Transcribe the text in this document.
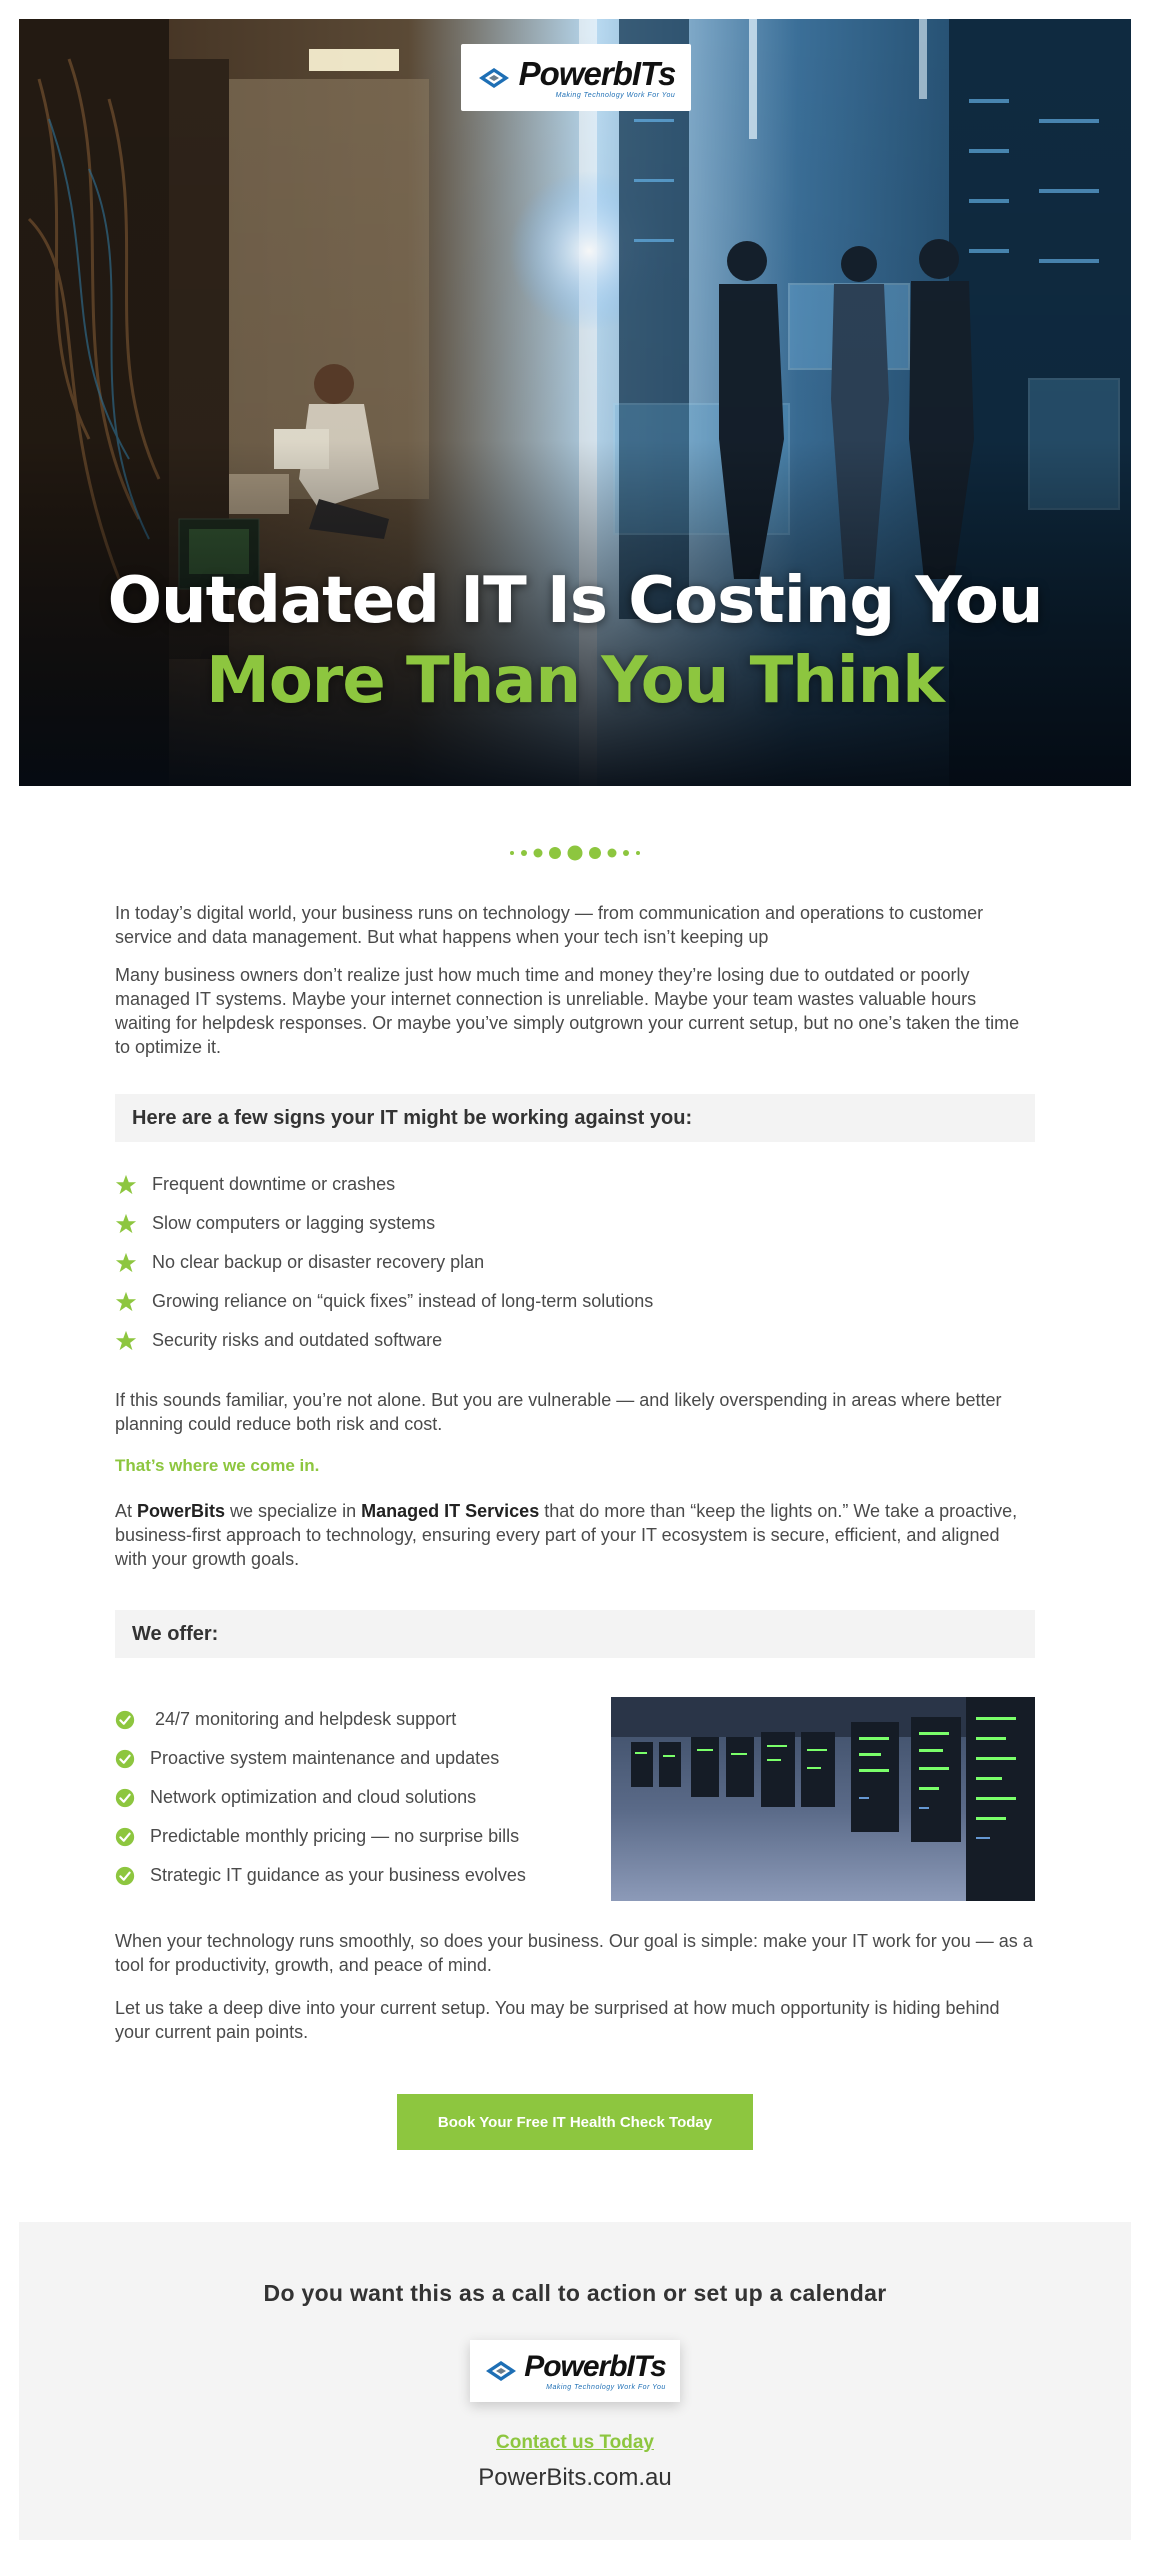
PowerbITs
Making Technology Work For You
Outdated IT Is Costing You
More Than You Think

In today’s digital world, your business runs on technology — from communication and operations to customer service and data management. But what happens when your tech isn’t keeping up

Many business owners don’t realize just how much time and money they’re losing due to outdated or poorly managed IT systems. Maybe your internet connection is unreliable. Maybe your team wastes valuable hours waiting for helpdesk responses. Or maybe you’ve simply outgrown your current setup, but no one’s taken the time to optimize it.

Here are a few signs your IT might be working against you:
Frequent downtime or crashes
Slow computers or lagging systems
No clear backup or disaster recovery plan
Growing reliance on “quick fixes” instead of long-term solutions
Security risks and outdated software

If this sounds familiar, you’re not alone. But you are vulnerable — and likely overspending in areas where better planning could reduce both risk and cost.

That’s where we come in.

At PowerBits we specialize in Managed IT Services that do more than “keep the lights on.” We take a proactive, business-first approach to technology, ensuring every part of your IT ecosystem is secure, efficient, and aligned with your growth goals.

We offer:
24/7 monitoring and helpdesk support
Proactive system maintenance and updates
Network optimization and cloud solutions
Predictable monthly pricing — no surprise bills
Strategic IT guidance as your business evolves

When your technology runs smoothly, so does your business. Our goal is simple: make your IT work for you — as a tool for productivity, growth, and peace of mind.

Let us take a deep dive into your current setup. You may be surprised at how much opportunity is hiding behind your current pain points.

Book Your Free IT Health Check Today
Do you want this as a call to action or set up a calendar
PowerbITs
Making Technology Work For You
Contact us Today
PowerBits.com.au
